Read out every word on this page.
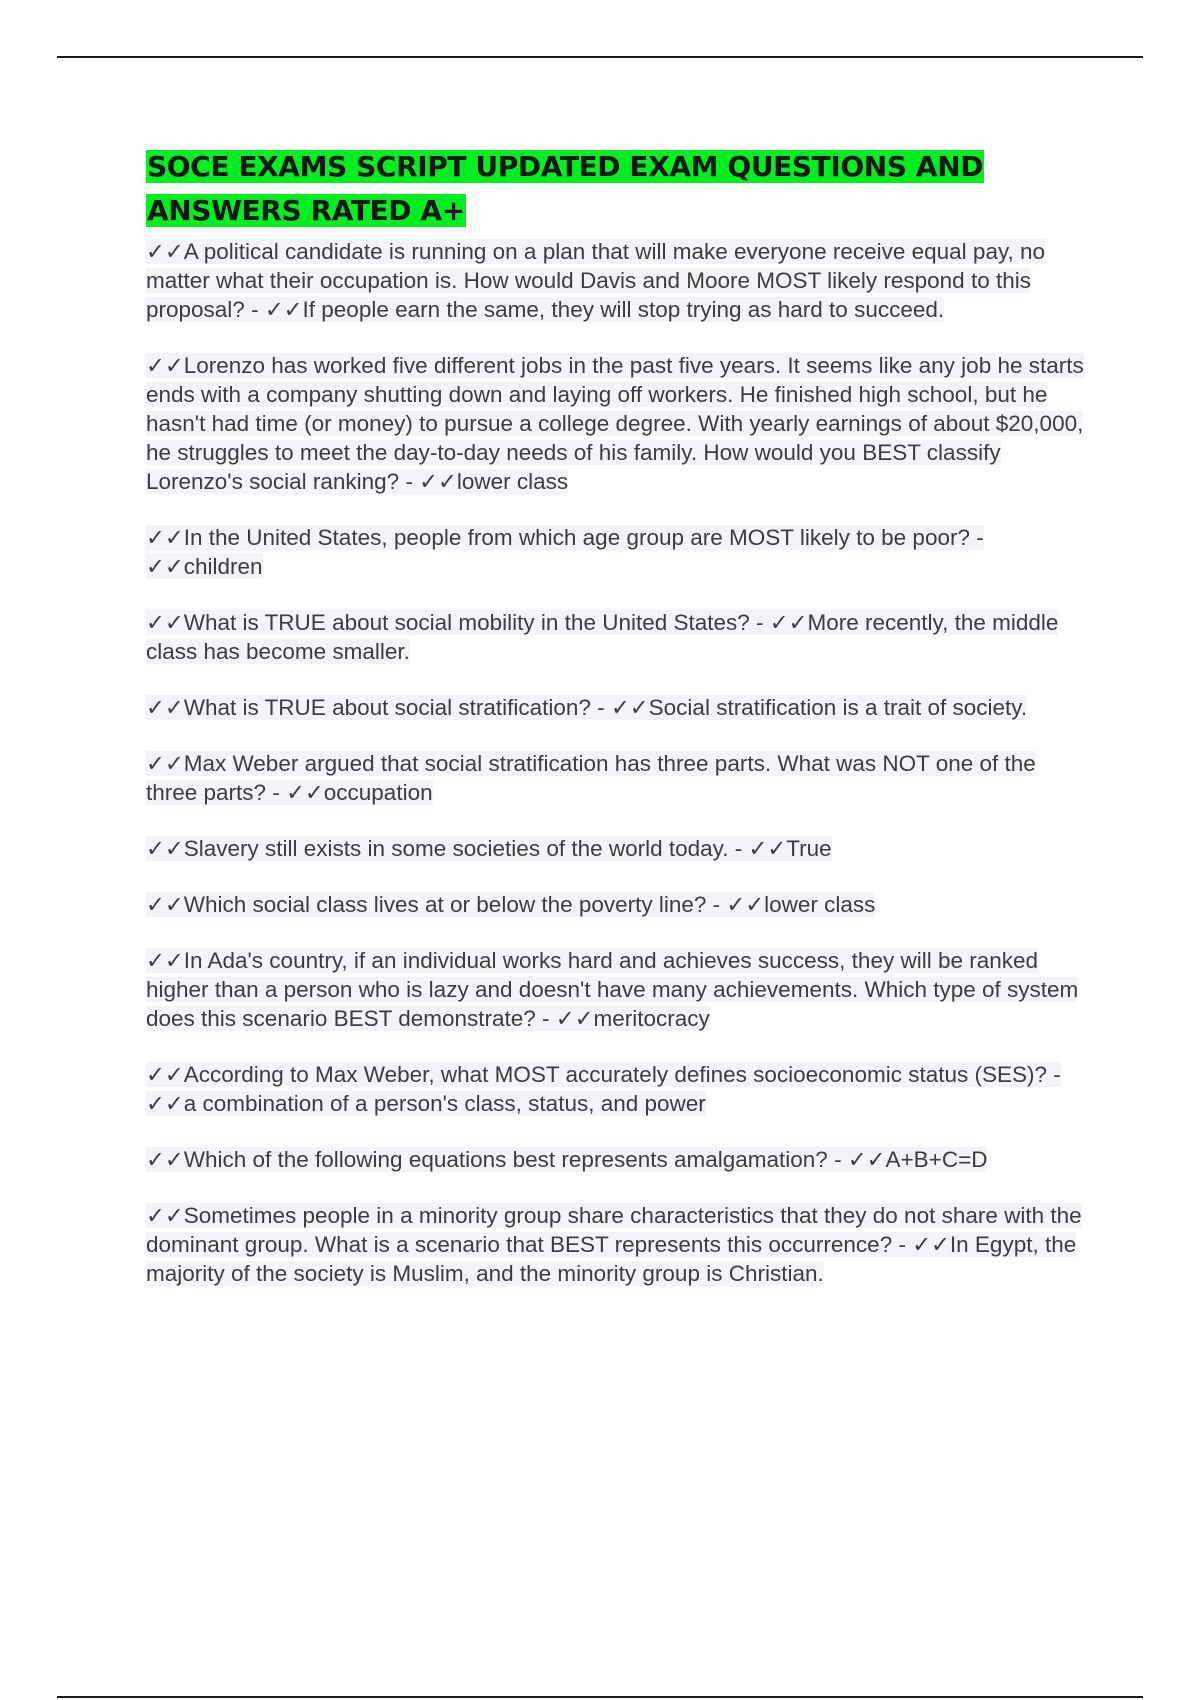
SOCE EXAMS SCRIPT UPDATED EXAM QUESTIONS AND ANSWERS RATED A+

✓✓A political candidate is running on a plan that will make everyone receive equal pay, no matter what their occupation is. How would Davis and Moore MOST likely respond to this proposal? - ✓✓If people earn the same, they will stop trying as hard to succeed.

✓✓Lorenzo has worked five different jobs in the past five years. It seems like any job he starts ends with a company shutting down and laying off workers. He finished high school, but he hasn't had time (or money) to pursue a college degree. With yearly earnings of about $20,000, he struggles to meet the day-to-day needs of his family. How would you BEST classify Lorenzo's social ranking? - ✓✓lower class

✓✓In the United States, people from which age group are MOST likely to be poor? - ✓✓children

✓✓What is TRUE about social mobility in the United States? - ✓✓More recently, the middle class has become smaller.

✓✓What is TRUE about social stratification? - ✓✓Social stratification is a trait of society.

✓✓Max Weber argued that social stratification has three parts. What was NOT one of the three parts? - ✓✓occupation

✓✓Slavery still exists in some societies of the world today. - ✓✓True

✓✓Which social class lives at or below the poverty line? - ✓✓lower class

✓✓In Ada's country, if an individual works hard and achieves success, they will be ranked higher than a person who is lazy and doesn't have many achievements. Which type of system does this scenario BEST demonstrate? - ✓✓meritocracy

✓✓According to Max Weber, what MOST accurately defines socioeconomic status (SES)? - ✓✓a combination of a person's class, status, and power

✓✓Which of the following equations best represents amalgamation? - ✓✓A+B+C=D

✓✓Sometimes people in a minority group share characteristics that they do not share with the dominant group. What is a scenario that BEST represents this occurrence? - ✓✓In Egypt, the majority of the society is Muslim, and the minority group is Christian.
